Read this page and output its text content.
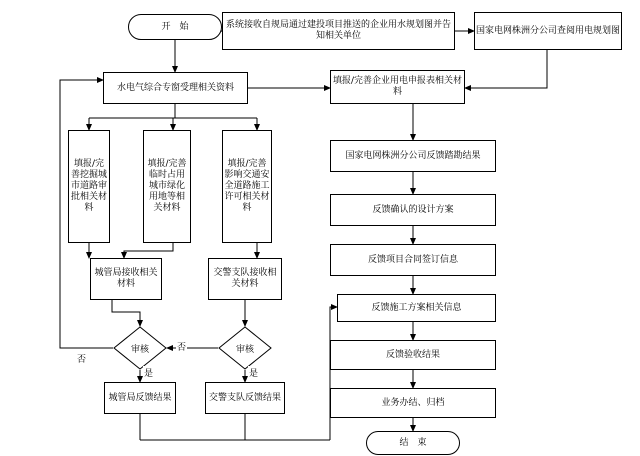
开　始	系统接收自规局通过建投项目推送的企业用水规划图并告知相关单位
国家电网株洲分公司查阅用电规划图
水电气综合专窗受理相关资料
填报/完善企业用电申报表相关材料
填报/完善挖掘城市道路审批相关材料
填报/完善临时占用城市绿化用地等相关材料
填报/完善影响交通安全道路施工许可相关材料
城管局接收相关材料
交警支队接收相关材料
审核	审核
否
是
否
是
城管局反馈结果	交警支队反馈结果
国家电网株洲分公司反馈踏勘结果
反馈确认的设计方案
反馈项目合同签订信息
反馈施工方案相关信息
反馈验收结果
业务办结、归档
结　束
